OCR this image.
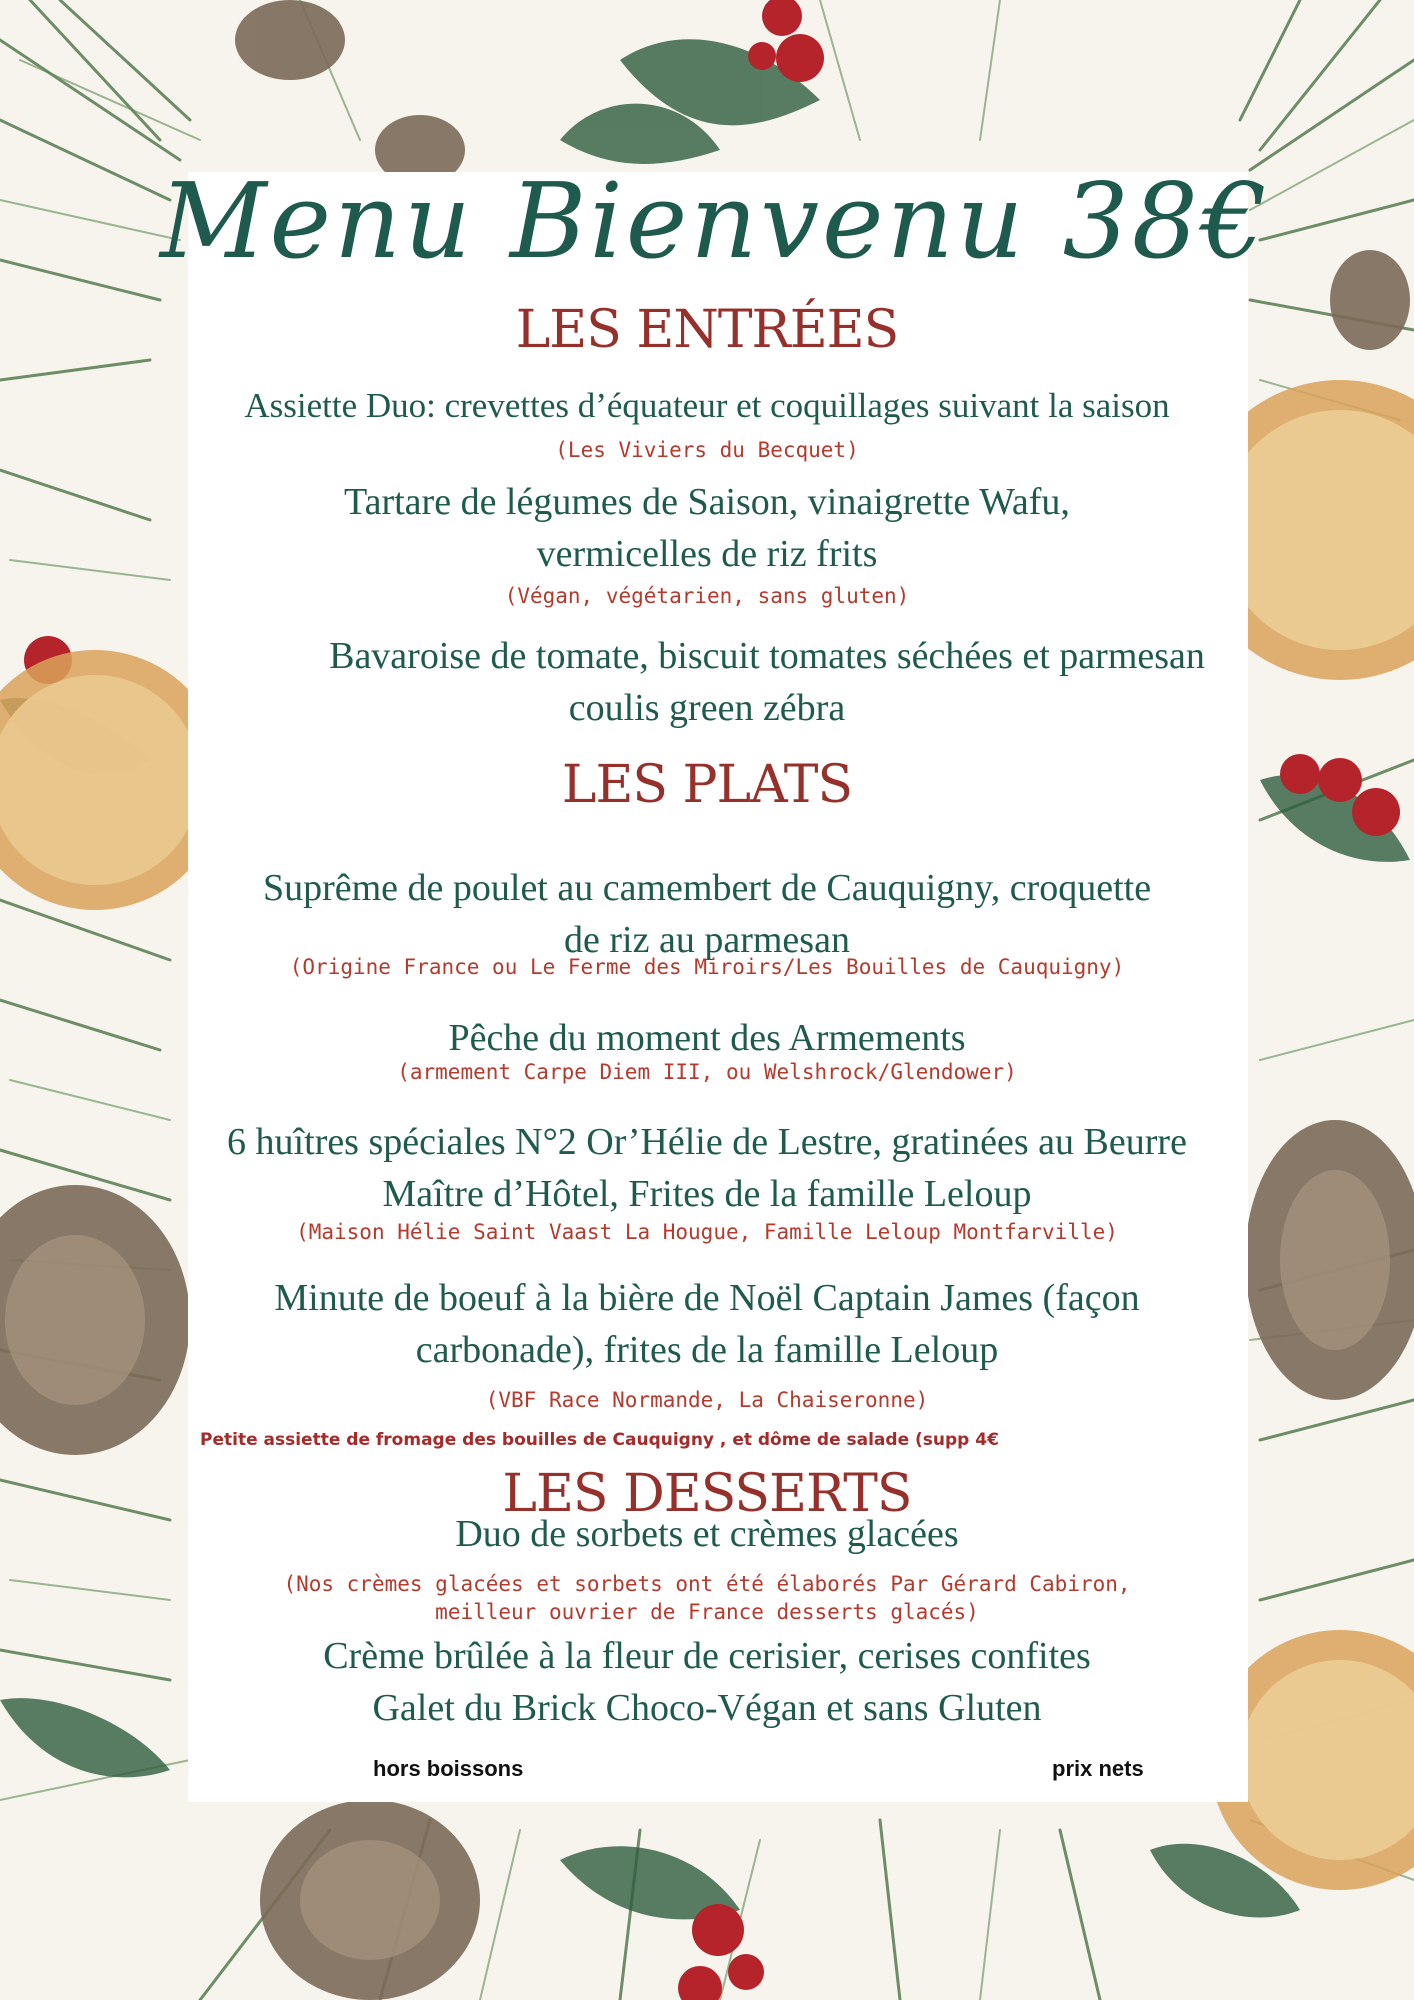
Menu Bienvenu 38€
LES ENTRÉES
Assiette Duo: crevettes d’équateur et coquillages suivant la saison
(Les Viviers du Becquet)
Tartare de légumes de Saison, vinaigrette Wafu,
vermicelles de riz frits
(Végan, végétarien, sans gluten)
Bavaroise de tomate, biscuit tomates séchées et parmesan
coulis green zébra
LES PLATS
Suprême de poulet au camembert de Cauquigny, croquette
de riz au parmesan
(Origine France ou Le Ferme des Miroirs/Les Bouilles de Cauquigny)
Pêche du moment des Armements
(armement Carpe Diem III, ou Welshrock/Glendower)
6 huîtres spéciales N°2 Or’Hélie de Lestre, gratinées au Beurre
Maître d’Hôtel, Frites de la famille Leloup
(Maison Hélie Saint Vaast La Hougue, Famille Leloup Montfarville)
Minute de boeuf à la bière de Noël Captain James (façon
carbonade), frites de la famille Leloup
(VBF Race Normande, La Chaiseronne)
Petite assiette de fromage des bouilles de Cauquigny , et dôme de salade (supp 4€
LES DESSERTS
Duo de sorbets et crèmes glacées
(Nos crèmes glacées et sorbets ont été élaborés Par Gérard Cabiron,
meilleur ouvrier de France desserts glacés)
Crème brûlée à la fleur de cerisier, cerises confites
Galet du Brick Choco-Végan et sans Gluten
hors boissons	prix nets
